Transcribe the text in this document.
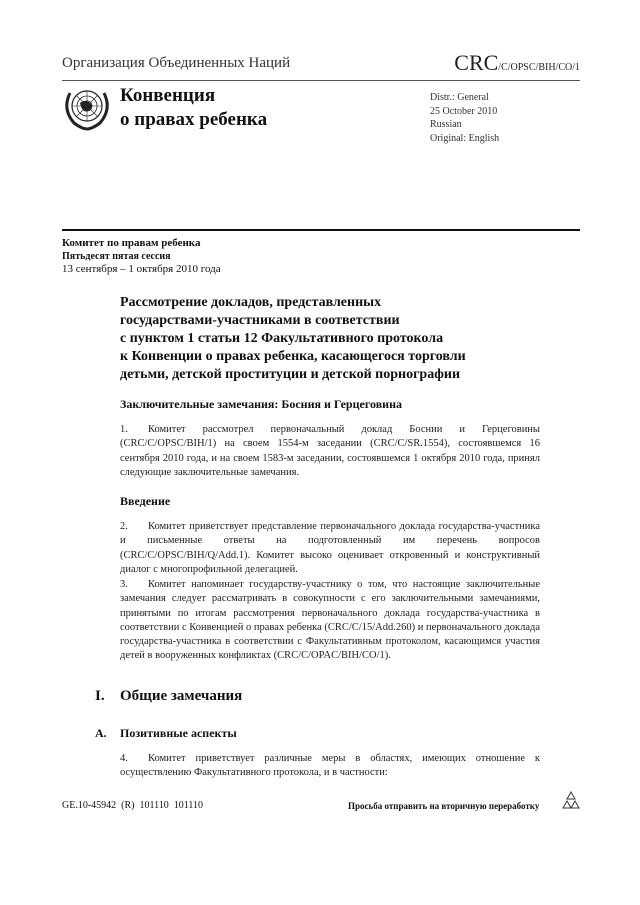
Организация Объединенных Наций	CRC/C/OPSC/BIH/CO/1
Конвенция
о правах ребенка
Distr.: General
25 October 2010
Russian
Original: English
Комитет по правам ребенка
Пятьдесят пятая сессия
13 сентября – 1 октября 2010 года
Рассмотрение докладов, представленных
государствами-участниками в соответствии
с пунктом 1 статьи 12 Факультативного протокола
к Конвенции о правах ребенка, касающегося торговли
детьми, детской проституции и детской порнографии
Заключительные замечания: Босния и Герцеговина
1. Комитет рассмотрел первоначальный доклад Боснии и Герцеговины (CRC/C/OPSC/BIH/1) на своем 1554-м заседании (CRC/C/SR.1554), состоявшемся 16 сентября 2010 года, и на своем 1583-м заседании, состоявшемся 1 октября 2010 года, принял следующие заключительные замечания.
Введение
2. Комитет приветствует представление первоначального доклада государства-участника и письменные ответы на подготовленный им перечень вопросов (CRC/C/OPSC/BIH/Q/Add.1). Комитет высоко оценивает откровенный и конструктивный диалог с многопрофильной делегацией.
3. Комитет напоминает государству-участнику о том, что настоящие заключительные замечания следует рассматривать в совокупности с его заключительными замечаниями, принятыми по итогам рассмотрения первоначального доклада государства-участника в соответствии с Конвенцией о правах ребенка (CRC/C/15/Add.260) и первоначального доклада государства-участника в соответствии с Факультативным протоколом, касающимся участия детей в вооруженных конфликтах (CRC/C/OPAC/BIH/CO/1).
I. Общие замечания
A. Позитивные аспекты
4. Комитет приветствует различные меры в областях, имеющих отношение к осуществлению Факультативного протокола, и в частности:
GE.10-45942  (R)  101110  101110	Просьба отправить на вторичную переработку
